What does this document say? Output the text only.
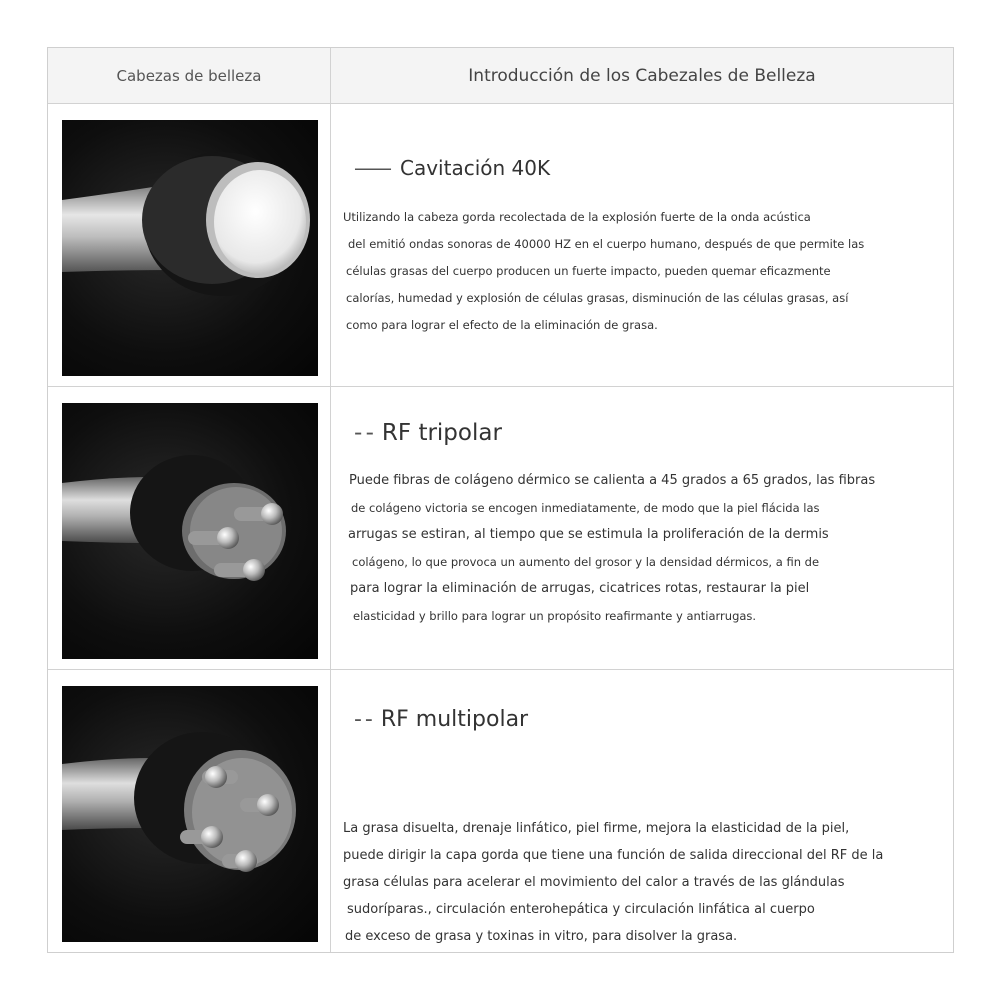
Cabezas de belleza	Introducción de los Cabezales de Belleza
—— Cavitación 40K
Utilizando la cabeza gorda recolectada de la explosión fuerte de la onda acústica
del emitió ondas sonoras de 40000 HZ en el cuerpo humano, después de que permite las
células grasas del cuerpo producen un fuerte impacto, pueden quemar eficazmente
calorías, humedad y explosión de células grasas, disminución de las células grasas, así
como para lograr el efecto de la eliminación de grasa.
- - RF tripolar
Puede fibras de colágeno dérmico se calienta a 45 grados a 65 grados, las fibras
de colágeno victoria se encogen inmediatamente, de modo que la piel flácida las
arrugas se estiran, al tiempo que se estimula la proliferación de la dermis
colágeno, lo que provoca un aumento del grosor y la densidad dérmicos, a fin de
para lograr la eliminación de arrugas, cicatrices rotas, restaurar la piel
elasticidad y brillo para lograr un propósito reafirmante y antiarrugas.
- - RF multipolar
La grasa disuelta, drenaje linfático, piel firme, mejora la elasticidad de la piel,
puede dirigir la capa gorda que tiene una función de salida direccional del RF de la
grasa células para acelerar el movimiento del calor a través de las glándulas
sudoríparas., circulación enterohepática y circulación linfática al cuerpo
de exceso de grasa y toxinas in vitro, para disolver la grasa.
